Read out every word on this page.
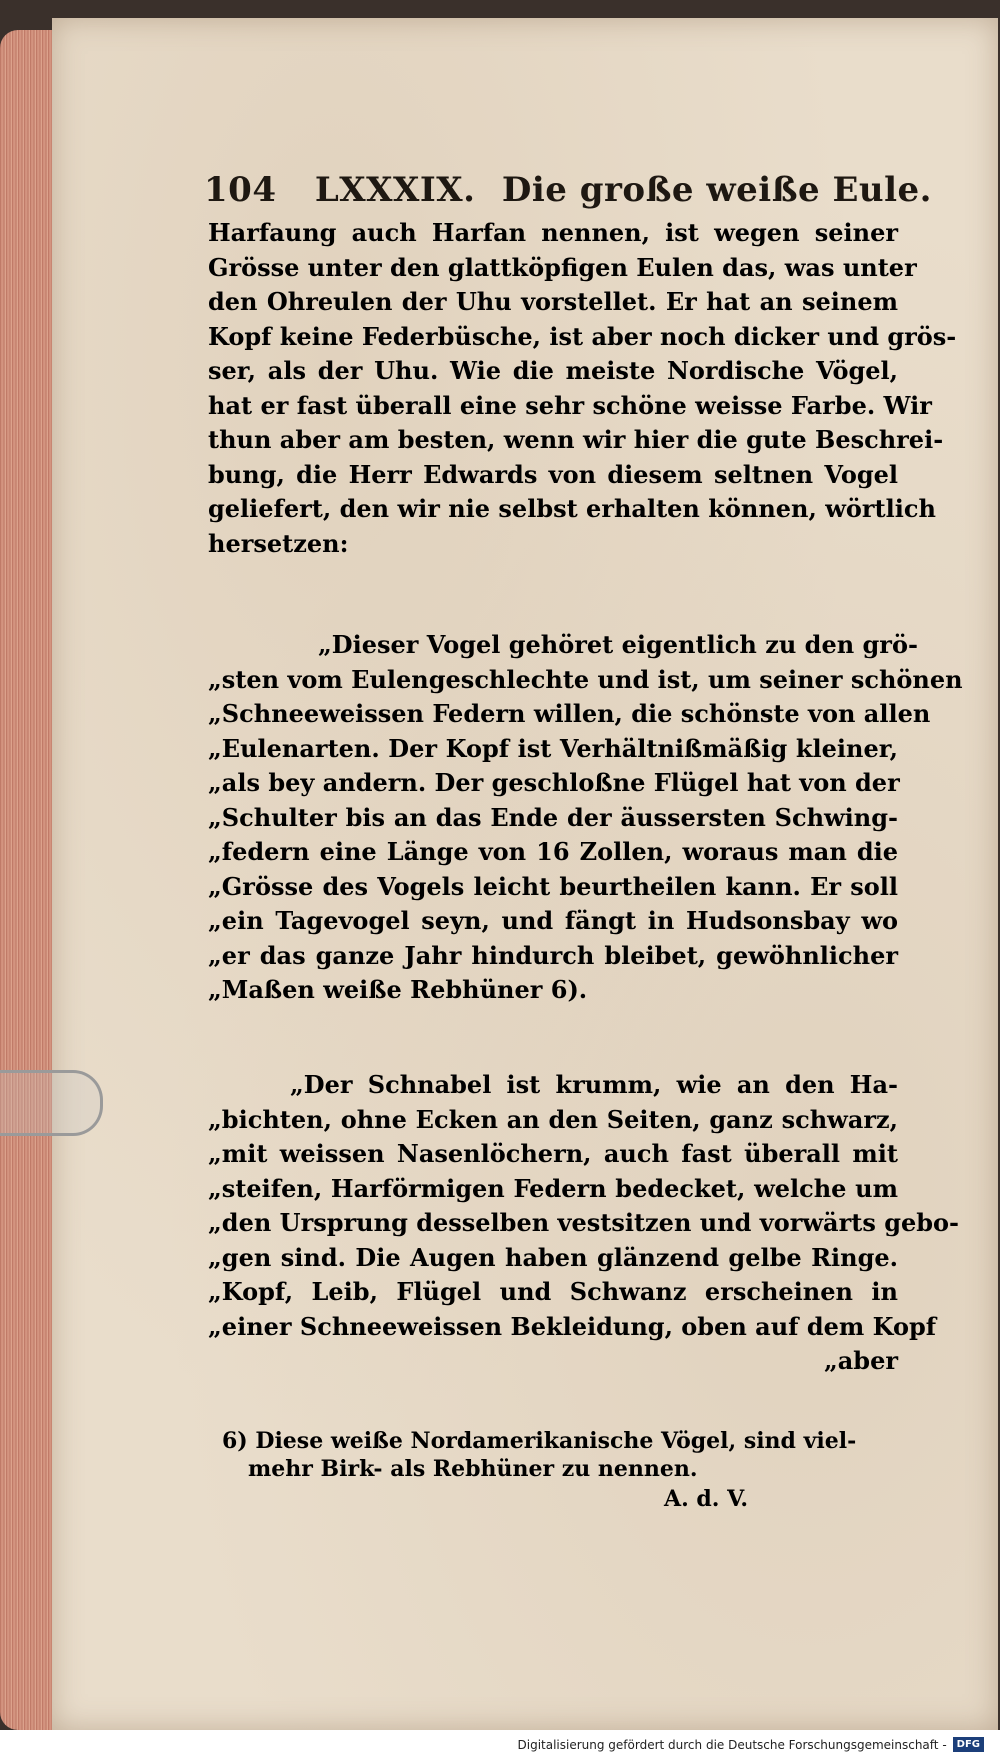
104 LXXXIX. Die große weiße Eule.
Harfaung auch Harfan nennen, ist wegen seiner
Grösse unter den glattköpfigen Eulen das, was unter
den Ohreulen der Uhu vorstellet. Er hat an seinem
Kopf keine Federbüsche, ist aber noch dicker und grös-
ser, als der Uhu. Wie die meiste Nordische Vögel,
hat er fast überall eine sehr schöne weisse Farbe. Wir
thun aber am besten, wenn wir hier die gute Beschrei-
bung, die Herr Edwards von diesem seltnen Vogel
geliefert, den wir nie selbst erhalten können, wörtlich
hersetzen:
„Dieser Vogel gehöret eigentlich zu den grö-
„sten vom Eulengeschlechte und ist, um seiner schönen
„Schneeweissen Federn willen, die schönste von allen
„Eulenarten. Der Kopf ist Verhältnißmäßig kleiner,
„als bey andern. Der geschloßne Flügel hat von der
„Schulter bis an das Ende der äussersten Schwing-
„federn eine Länge von 16 Zollen, woraus man die
„Grösse des Vogels leicht beurtheilen kann. Er soll
„ein Tagevogel seyn, und fängt in Hudsonsbay wo
„er das ganze Jahr hindurch bleibet, gewöhnlicher
„Maßen weiße Rebhüner 6).
„Der Schnabel ist krumm, wie an den Ha-
„bichten, ohne Ecken an den Seiten, ganz schwarz,
„mit weissen Nasenlöchern, auch fast überall mit
„steifen, Harförmigen Federn bedecket, welche um
„den Ursprung desselben vestsitzen und vorwärts gebo-
„gen sind. Die Augen haben glänzend gelbe Ringe.
„Kopf, Leib, Flügel und Schwanz erscheinen in
„einer Schneeweissen Bekleidung, oben auf dem Kopf
„aber
6) Diese weiße Nordamerikanische Vögel, sind viel-
mehr Birk- als Rebhüner zu nennen.
A. d. V.
Digitalisierung gefördert durch die Deutsche Forschungsgemeinschaft -	DFG
